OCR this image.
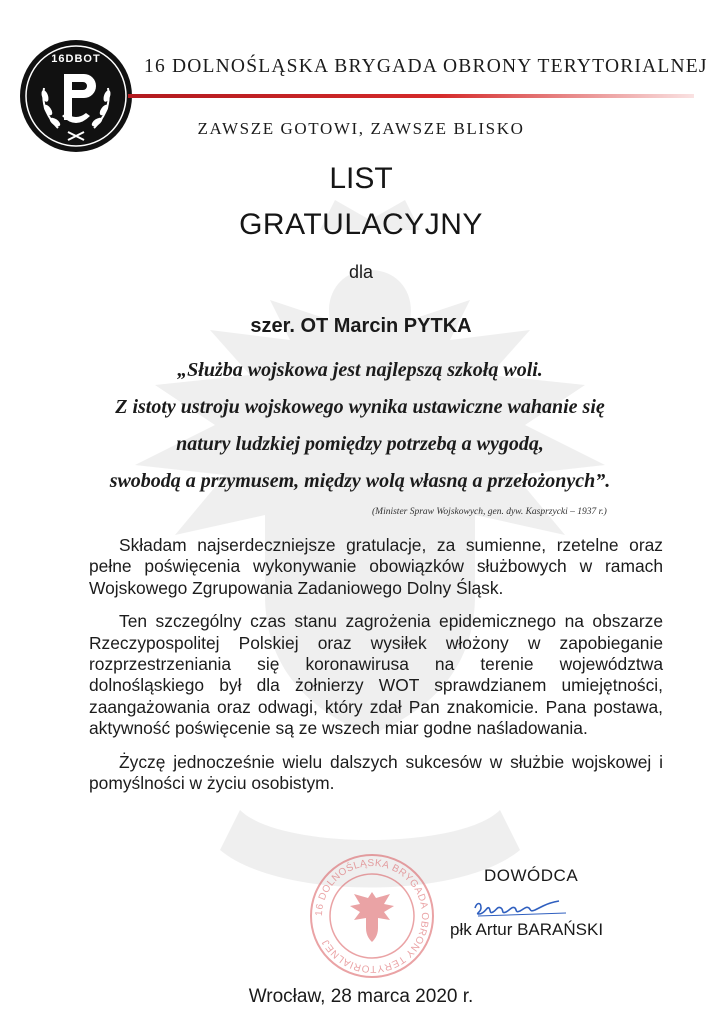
16DBOT 16 DOLNOŚLĄSKA BRYGADA OBRONY TERYTORIALNEJ
ZAWSZE GOTOWI, ZAWSZE BLISKO
LIST
GRATULACYJNY
dla
szer. OT Marcin PYTKA
„Służba wojskowa jest najlepszą szkołą woli.
Z istoty ustroju wojskowego wynika ustawiczne wahanie się
natury ludzkiej pomiędzy potrzebą a wygodą,
swobodą a przymusem, między wolą własną a przełożonych”.
(Minister Spraw Wojskowych, gen. dyw. Kasprzycki – 1937 r.)

Składam najserdeczniejsze gratulacje, za sumienne, rzetelne oraz pełne poświęcenia wykonywanie obowiązków służbowych w ramach Wojskowego Zgrupowania Zadaniowego Dolny Śląsk.

Ten szczególny czas stanu zagrożenia epidemicznego na obszarze Rzeczypospolitej Polskiej oraz wysiłek włożony w zapobieganie rozprzestrzeniania się koronawirusa na terenie województwa dolnośląskiego był dla żołnierzy WOT sprawdzianem umiejętności, zaangażowania oraz odwagi, który zdał Pan znakomicie. Pana postawa, aktywność poświęcenie są ze wszech miar godne naśladowania.

Życzę jednocześnie wielu dalszych sukcesów w służbie wojskowej i pomyślności w życiu osobistym.

16 DOLNOŚLĄSKA BRYGADA OBRONY TERYTORIALNEJ
DOWÓDCA
płk Artur BARAŃSKI
Wrocław, 28 marca 2020 r.
